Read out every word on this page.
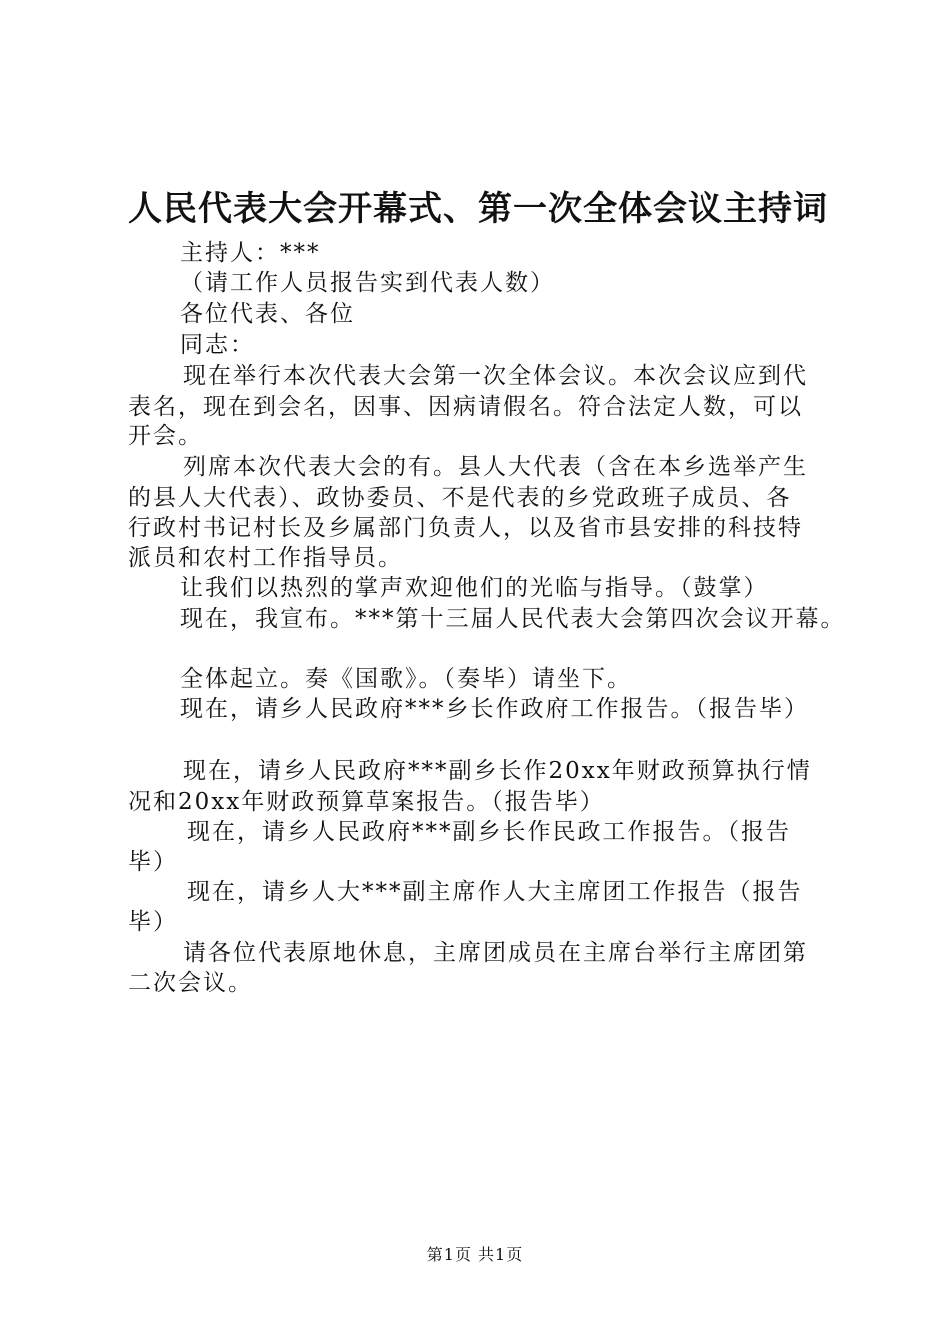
人民代表大会开幕式、第一次全体会议主持词
主持人：***
（请工作人员报告实到代表人数）
各位代表、各位
同志：
现在举行本次代表大会第一次全体会议。本次会议应到代
表名，现在到会名，因事、因病请假名。符合法定人数，可以
开会。
列席本次代表大会的有。县人大代表（含在本乡选举产生
的县人大代表）、政协委员、不是代表的乡党政班子成员、各
行政村书记村长及乡属部门负责人，以及省市县安排的科技特
派员和农村工作指导员。
让我们以热烈的掌声欢迎他们的光临与指导。（鼓掌）
现在，我宣布。***第十三届人民代表大会第四次会议开幕。
全体起立。奏《国歌》。（奏毕）请坐下。
现在，请乡人民政府***乡长作政府工作报告。（报告毕）
现在，请乡人民政府***副乡长作20xx年财政预算执行情
况和20xx年财政预算草案报告。（报告毕）
现在，请乡人民政府***副乡长作民政工作报告。（报告
毕）
现在，请乡人大***副主席作人大主席团工作报告（报告
毕）
请各位代表原地休息，主席团成员在主席台举行主席团第
二次会议。
第1页 共1页
